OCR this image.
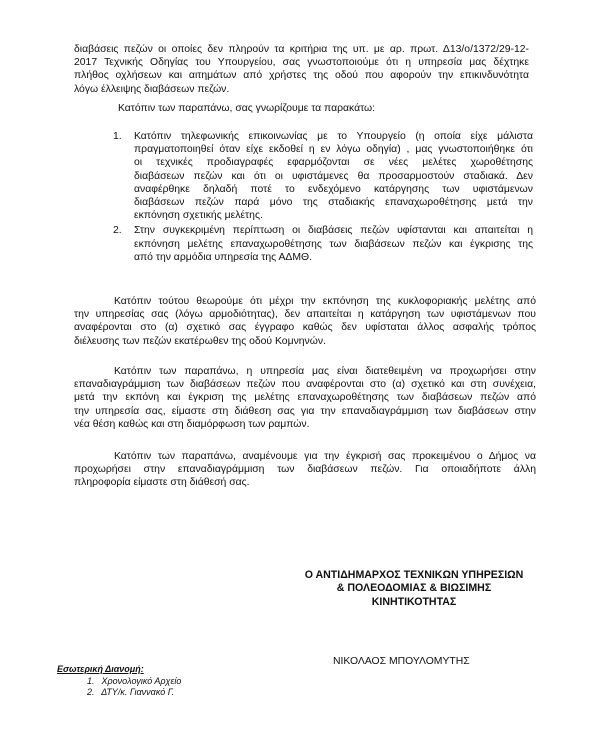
διαβάσεις πεζών οι οποίες δεν πληρούν τα κριτήρια της υπ. με αρ. πρωτ. Δ13/ο/1372/29-12-
2017 Τεχνικής Οδηγίας του Υπουργείου, σας γνωστοποιούμε ότι η υπηρεσία μας δέχτηκε
πλήθος οχλήσεων και αιτημάτων από χρήστες της οδού που αφορούν την επικινδυνότητα
λόγω έλλειψης διαβάσεων πεζών.
Κατόπιν των παραπάνω, σας γνωρίζουμε τα παρακάτω:
1. Κατόπιν τηλεφωνικής επικοινωνίας με το Υπουργείο (η οποία είχε μάλιστα
πραγματοποιηθεί όταν είχε εκδοθεί η εν λόγω οδηγία) , μας γνωστοποιήθηκε ότι
οι τεχνικές προδιαγραφές εφαρμόζονται σε νέες μελέτες χωροθέτησης
διαβάσεων πεζών και ότι οι υφιστάμενες θα προσαρμοστούν σταδιακά. Δεν
αναφέρθηκε δηλαδή ποτέ το ενδεχόμενο κατάργησης των υφιστάμενων
διαβάσεων πεζών παρά μόνο της σταδιακής επαναχωροθέτησης μετά την
εκπόνηση σχετικής μελέτης.
2. Στην συγκεκριμένη περίπτωση οι διαβάσεις πεζών υφίστανται και απαιτείται η
εκπόνηση μελέτης επαναχωροθέτησης των διαβάσεων πεζών και έγκρισης της
από την αρμόδια υπηρεσία της ΑΔΜΘ.
Κατόπιν τούτου θεωρούμε ότι μέχρι την εκπόνηση της κυκλοφοριακής μελέτης από
την υπηρεσίας σας (λόγω αρμοδιότητας), δεν απαιτείται η κατάργηση των υφιστάμενων που
αναφέρονται στο (α) σχετικό σας έγγραφο καθώς δεν υφίσταται άλλος ασφαλής τρόπος
διέλευσης των πεζών εκατέρωθεν της οδού Κομνηνών.
Κατόπιν των παραπάνω, η υπηρεσία μας είναι διατεθειμένη να προχωρήσει στην
επαναδιαγράμμιση των διαβάσεων πεζών που αναφέρονται στο (α) σχετικό και στη συνέχεια,
μετά την εκπόνη και έγκριση της μελέτης επαναχωροθέτησης των διαβάσεων πεζών από
την υπηρεσία σας, είμαστε στη διάθεση σας για την επαναδιαγράμμιση των διαβάσεων στην
νέα θέση καθώς και στη διαμόρφωση των ραμπών.
Κατόπιν των παραπάνω, αναμένουμε για την έγκρισή σας προκειμένου ο Δήμος να
προχωρήσει στην επαναδιαγράμμιση των διαβάσεων πεζών. Για οποιαδήποτε άλλη
πληροφορία είμαστε στη διάθεσή σας.
Ο ΑΝΤΙΔΗΜΑΡΧΟΣ ΤΕΧΝΙΚΩΝ ΥΠΗΡΕΣΙΩΝ
& ΠΟΛΕΟΔΟΜΙΑΣ & ΒΙΩΣΙΜΗΣ
ΚΙΝΗΤΙΚΟΤΗΤΑΣ
ΝΙΚΟΛΑΟΣ ΜΠΟΥΛΟΜΥΤΗΣ
Εσωτερική Διανομή:
1. Χρονολογικό Αρχείο
2. ΔΤΥ/κ. Γιαννακό Γ.
